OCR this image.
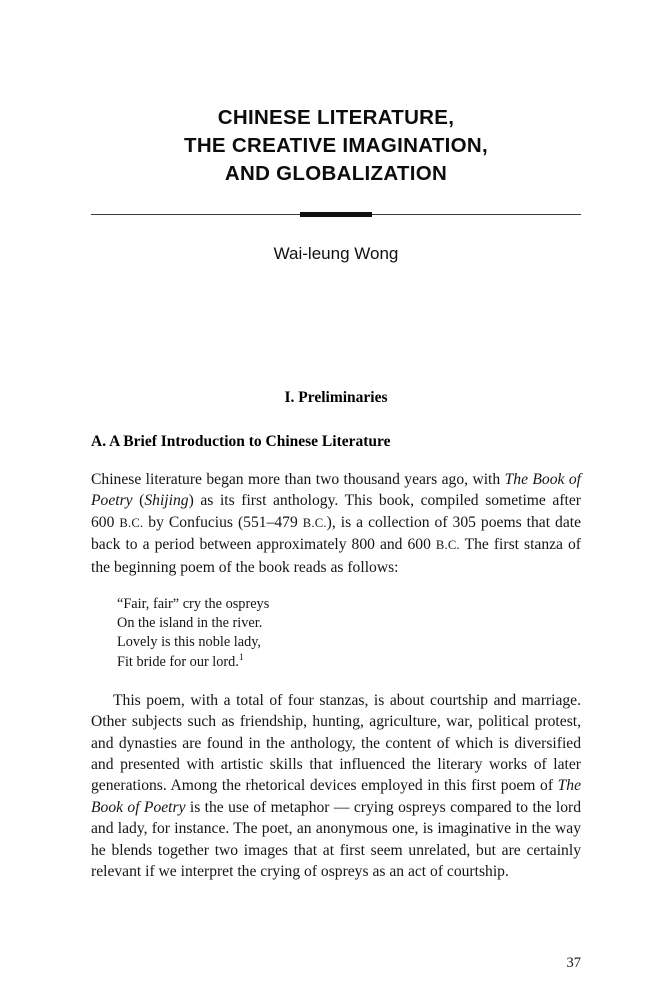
CHINESE LITERATURE,
THE CREATIVE IMAGINATION,
AND GLOBALIZATION
Wai-leung Wong
I. Preliminaries
A. A Brief Introduction to Chinese Literature

Chinese literature began more than two thousand years ago, with The Book of Poetry (Shijing) as its first anthology. This book, compiled sometime after 600 B.C. by Confucius (551–479 B.C.), is a collection of 305 poems that date back to a period between approximately 800 and 600 B.C. The first stanza of the beginning poem of the book reads as follows:

“Fair, fair” cry the ospreys
On the island in the river.
Lovely is this noble lady,
Fit bride for our lord.$^1$

This poem, with a total of four stanzas, is about courtship and marriage. Other subjects such as friendship, hunting, agriculture, war, political protest, and dynasties are found in the anthology, the content of which is diversified and presented with artistic skills that influenced the literary works of later generations. Among the rhetorical devices employed in this first poem of The Book of Poetry is the use of metaphor — crying ospreys compared to the lord and lady, for instance. The poet, an anonymous one, is imaginative in the way he blends together two images that at first seem unrelated, but are certainly relevant if we interpret the crying of ospreys as an act of courtship.

37
